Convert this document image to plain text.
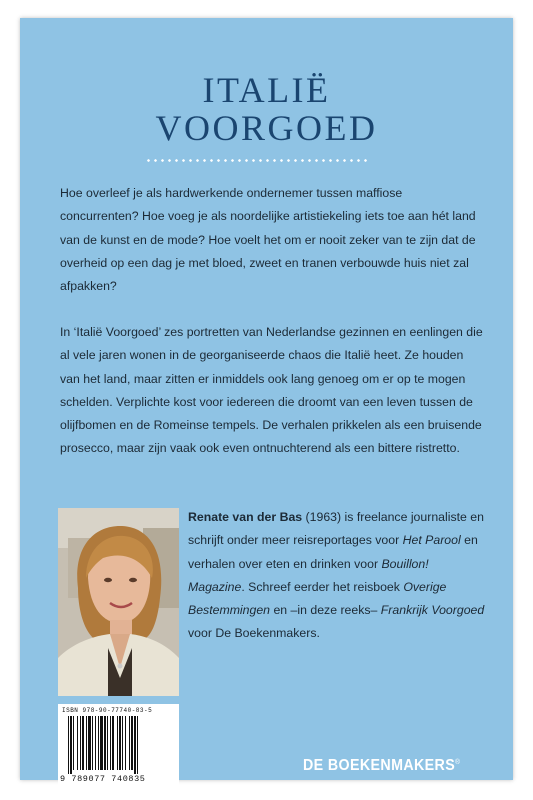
ITALIË
VOORGOED
Hoe overleef je als hardwerkende ondernemer tussen maffiose concurrenten? Hoe voeg je als noordelijke artistiekeling iets toe aan hét land van de kunst en de mode? Hoe voelt het om er nooit zeker van te zijn dat de overheid op een dag je met bloed, zweet en tranen verbouwde huis niet zal afpakken?
In ‘Italië Voorgoed’ zes portretten van Nederlandse gezinnen en eenlingen die al vele jaren wonen in de georganiseerde chaos die Italië heet. Ze houden van het land, maar zitten er inmiddels ook lang genoeg om er op te mogen schelden. Verplichte kost voor iedereen die droomt van een leven tussen de olijfbomen en de Romeinse tempels. De verhalen prikkelen als een bruisende prosecco, maar zijn vaak ook even ontnuchterend als een bittere ristretto.
Renate van der Bas (1963) is freelance journaliste en schrijft onder meer reisreportages voor Het Parool en verhalen over eten en drinken voor Bouillon! Magazine. Schreef eerder het reisboek Overige Bestemmingen en –in deze reeks– Frankrijk Voorgoed voor De Boekenmakers.
ISBN 978-90-77740-83-5
9 789077 740835
DE BOEKENMAKERS®
